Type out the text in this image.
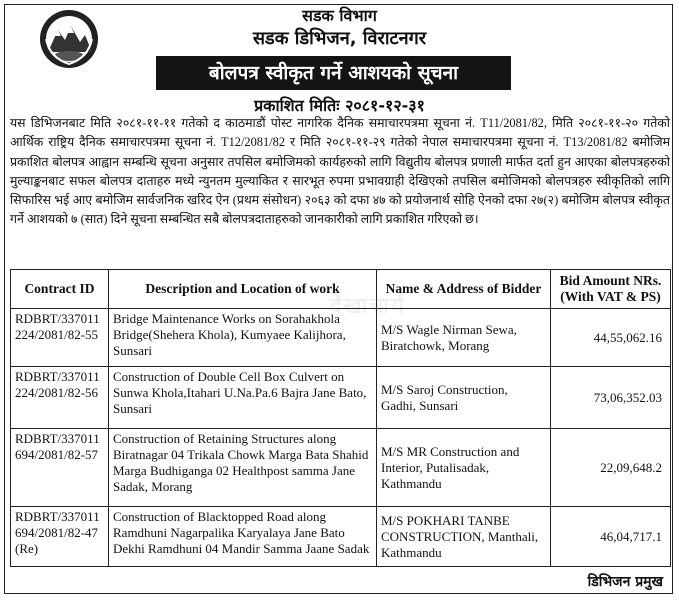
सडक विभाग
सडक डिभिजन, विराटनगर
बोलपत्र स्वीकृत गर्ने आशयको सूचना
प्रकाशित मितिः २०८१-१२-३१
यस डिभिजनबाट मिति २०८१-११-११ गतेको द काठमाडौं पोस्ट नागरिक दैनिक समाचारपत्रमा सूचना नं. T11/2081/82, मिति २०८१-११-२० गतेको आर्थिक राष्ट्रिय दैनिक समाचारपत्रमा सूचना नं. T12/2081/82 र मिति २०८१-११-२९ गतेको नेपाल समाचारपत्रमा सूचना नं. T13/2081/82 बमोजिम प्रकाशित बोलपत्र आह्वान सम्बन्धि सूचना अनुसार तपसिल बमोजिमको कार्यहरुको लागि विद्युतीय बोलपत्र प्रणाली मार्फत दर्ता हुन आएका बोलपत्रहरुको मुल्याङ्कनबाट सफल बोलपत्र दाताहरु मध्ये न्युनतम मुल्याकित र सारभूत रुपमा प्रभावग्राही देखिएको तपसिल बमोजिमको बोलपत्रहरु स्वीकृतिको लागि सिफारिस भई आए बमोजिम सार्वजनिक खरिद ऐन (प्रथम संसोधन) २०६३ को दफा ४७ को प्रयोजनार्थ सोहि ऐनको दफा २७(२) बमोजिम बोलपत्र स्वीकृत गर्ने आशयको ७ (सात) दिने सूचना सम्बन्धित सबै बोलपत्रदाताहरुको जानकारीको लागि प्रकाशित गरिएको छ।
देखाचार्य
Contract ID	Description and Location of work	Name & Address of Bidder	Bid Amount NRs. (With VAT & PS)
RDBRT/337011 224/2081/82-55	Bridge Maintenance Works on Sorahakhola Bridge(Shehera Khola), Kumyaee Kalijhora, Sunsari	M/S Wagle Nirman Sewa, Biratchowk, Morang	44,55,062.16
RDBRT/337011 224/2081/82-56	Construction of Double Cell Box Culvert on Sunwa Khola,Itahari U.Na.Pa.6 Bajra Jane Bato, Sunsari	M/S Saroj Construction, Gadhi, Sunsari	73,06,352.03
RDBRT/337011 694/2081/82-57	Construction of Retaining Structures along Biratnagar 04 Trikala Chowk Marga Bata Shahid Marga Budhiganga 02 Healthpost samma Jane Sadak, Morang	M/S MR Construction and Interior, Putalisadak, Kathmandu	22,09,648.2
RDBRT/337011 694/2081/82-47 (Re)	Construction of Blacktopped Road along Ramdhuni Nagarpalika Karyalaya Jane Bato Dekhi Ramdhuni 04 Mandir Samma Jaane Sadak	M/S POKHARI TANBE CONSTRUCTION, Manthali, Kathmandu	46,04,717.1
डिभिजन प्रमुख
